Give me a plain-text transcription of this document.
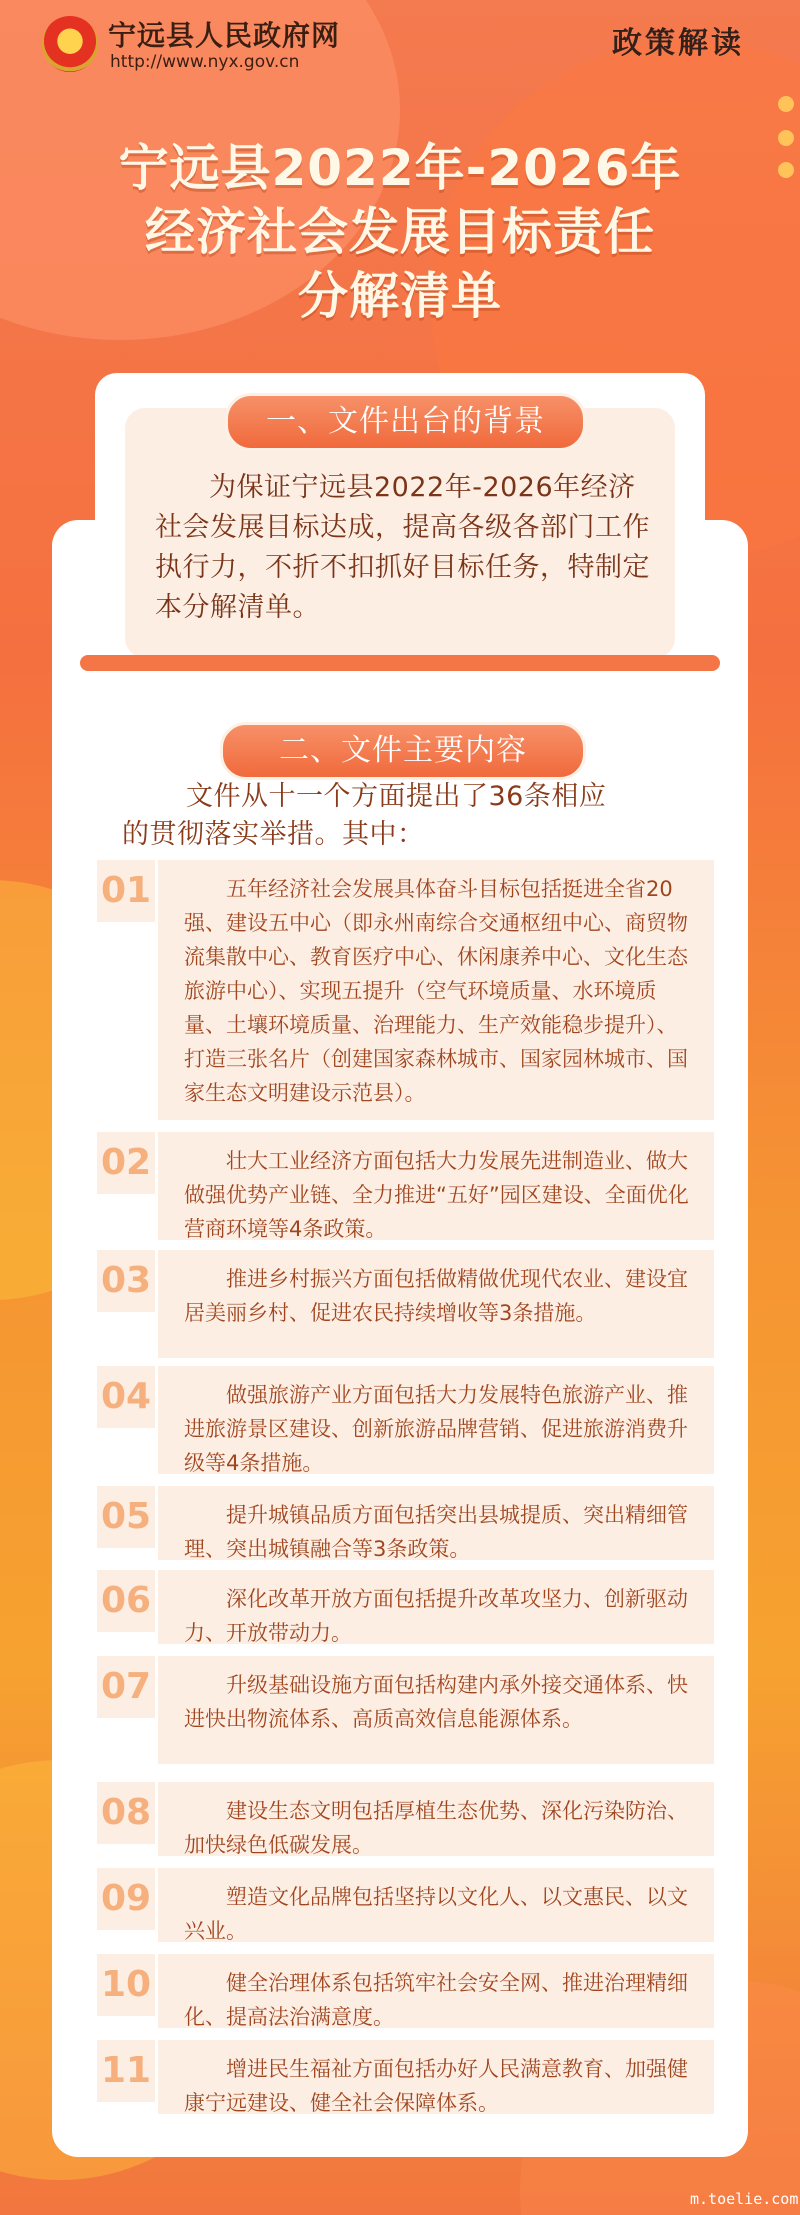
★ 宁远县人民政府网
http://www.nyx.gov.cn
政策解读
宁远县2022年-2026年
经济社会发展目标责任
分解清单
一、文件出台的背景
为保证宁远县2022年-2026年经济社会发展目标达成，提高各级各部门工作执行力，不折不扣抓好目标任务，特制定本分解清单。
二、文件主要内容
文件从十一个方面提出了36条相应
的贯彻落实举措。其中：
01	五年经济社会发展具体奋斗目标包括挺进全省20强、建设五中心（即永州南综合交通枢纽中心、商贸物流集散中心、教育医疗中心、休闲康养中心、文化生态旅游中心）、实现五提升（空气环境质量、水环境质量、土壤环境质量、治理能力、生产效能稳步提升）、打造三张名片（创建国家森林城市、国家园林城市、国家生态文明建设示范县）。

02	壮大工业经济方面包括大力发展先进制造业、做大做强优势产业链、全力推进“五好”园区建设、全面优化营商环境等4条政策。

03	推进乡村振兴方面包括做精做优现代农业、建设宜居美丽乡村、促进农民持续增收等3条措施。

04	做强旅游产业方面包括大力发展特色旅游产业、推进旅游景区建设、创新旅游品牌营销、促进旅游消费升级等4条措施。

05	提升城镇品质方面包括突出县城提质、突出精细管理、突出城镇融合等3条政策。

06	深化改革开放方面包括提升改革攻坚力、创新驱动力、开放带动力。

07	升级基础设施方面包括构建内承外接交通体系、快进快出物流体系、高质高效信息能源体系。

08	建设生态文明包括厚植生态优势、深化污染防治、加快绿色低碳发展。

09	塑造文化品牌包括坚持以文化人、以文惠民、以文兴业。

10	健全治理体系包括筑牢社会安全网、推进治理精细化、提高法治满意度。

11	增进民生福祉方面包括办好人民满意教育、加强健康宁远建设、健全社会保障体系。

m.toelie.com
